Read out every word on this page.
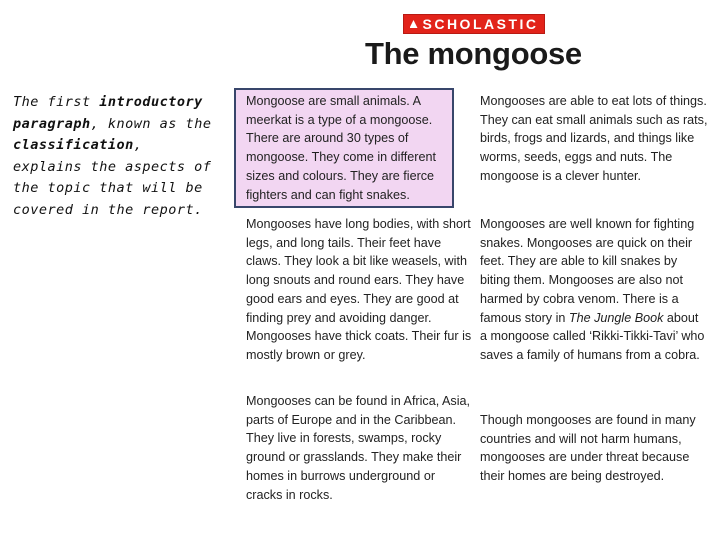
The first introductory paragraph, known as the classification, explains the aspects of the topic that will be covered in the report.
SCHOLASTIC
The mongoose

Mongoose are small animals. A meerkat is a type of a mongoose. There are around 30 types of mongoose. They come in different sizes and colours. They are fierce fighters and can fight snakes.

Mongooses have long bodies, with short legs, and long tails. Their feet have claws. They look a bit like weasels, with long snouts and round ears. They have good ears and eyes. They are good at finding prey and avoiding danger. Mongooses have thick coats. Their fur is mostly brown or grey.

Mongooses can be found in Africa, Asia, parts of Europe and in the Caribbean. They live in forests, swamps, rocky ground or grasslands. They make their homes in burrows underground or cracks in rocks.

Mongooses are able to eat lots of things. They can eat small animals such as rats, birds, frogs and lizards, and things like worms, seeds, eggs and nuts. The mongoose is a clever hunter.

Mongooses are well known for fighting snakes. Mongooses are quick on their feet. They are able to kill snakes by biting them. Mongooses are also not harmed by cobra venom. There is a famous story in The Jungle Book about a mongoose called ‘Rikki-Tikki-Tavi’ who saves a family of humans from a cobra.

Though mongooses are found in many countries and will not harm humans, mongooses are under threat because their homes are being destroyed.
